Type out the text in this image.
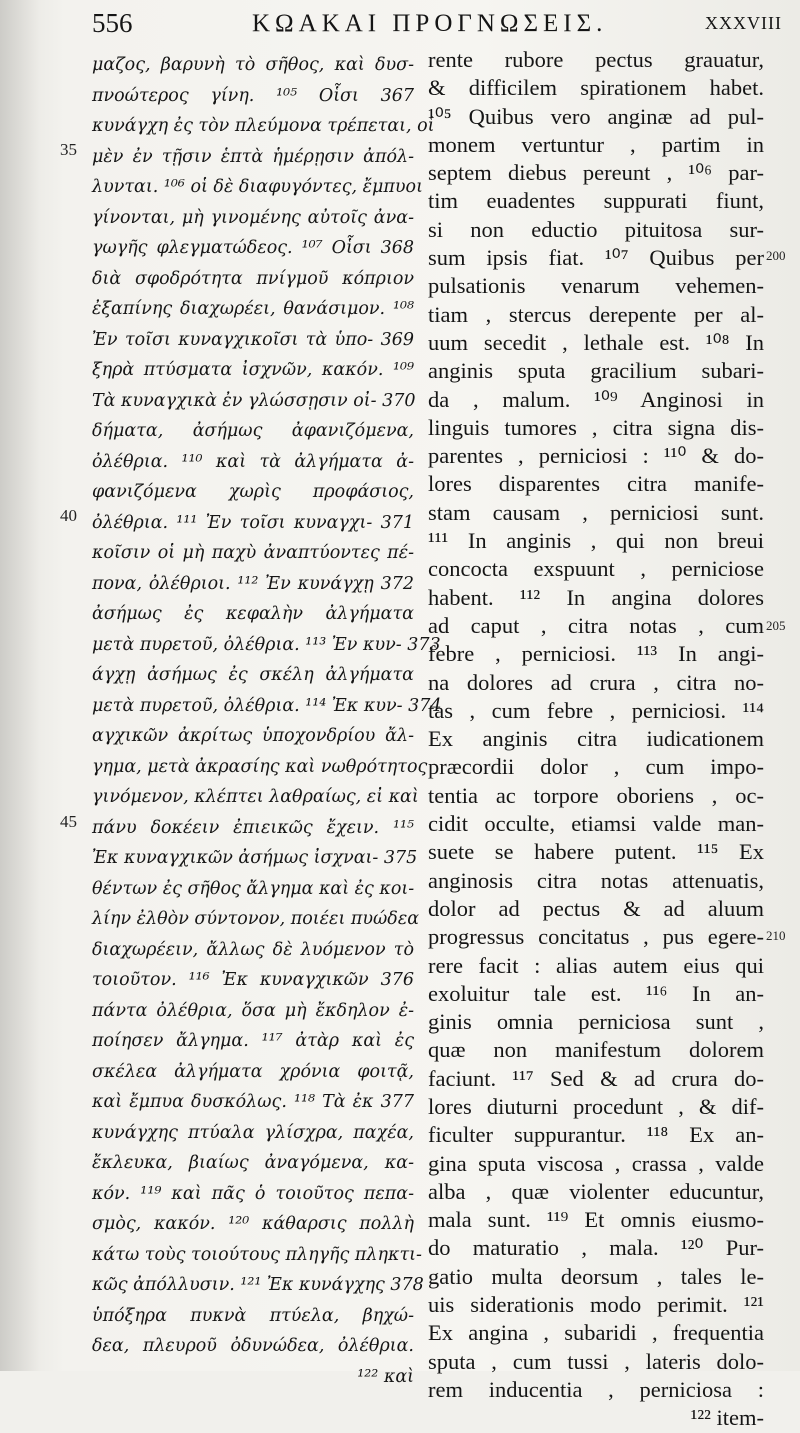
556	ΚΩΑΚΑΙ ΠΡΟΓΝΩΣΕΙΣ.	XXXVIII
35
40
45
200
205
210
μαζος, βαρυνὴ τὸ σῆθος, καὶ δυσ-
πνοώτερος γίνη. ¹⁰⁵ Οἷσι 367
κυνάγχη ἐς τὸν πλεύμονα τρέπεται, οἱ
μὲν ἐν τῇσιν ἑπτὰ ἡμέρῃσιν ἀπόλ-
λυνται. ¹⁰⁶ οἱ δὲ διαφυγόντες, ἔμπυοι
γίνονται, μὴ γινομένης αὐτοῖς ἀνα-
γωγῆς φλεγματώδεος. ¹⁰⁷ Οἷσι 368
διὰ σφοδρότητα πνίγμοῦ κόπριον
ἐξαπίνης διαχωρέει, θανάσιμον. ¹⁰⁸
Ἐν τοῖσι κυναγχικοῖσι τὰ ὑπο- 369
ξηρὰ πτύσματα ἰσχνῶν, κακόν. ¹⁰⁹
Τὰ κυναγχικὰ ἐν γλώσσῃσιν οἰ- 370
δήματα, ἀσήμως ἀφανιζόμενα,
ὀλέθρια. ¹¹⁰ καὶ τὰ ἀλγήματα ἀ-
φανιζόμενα χωρὶς προφάσιος,
ὀλέθρια. ¹¹¹ Ἐν τοῖσι κυναγχι- 371
κοῖσιν οἱ μὴ παχὺ ἀναπτύοντες πέ-
πονα, ὀλέθριοι. ¹¹² Ἐν κυνάγχῃ 372
ἀσήμως ἐς κεφαλὴν ἀλγήματα
μετὰ πυρετοῦ, ὀλέθρια. ¹¹³ Ἐν κυν- 373
άγχῃ ἀσήμως ἐς σκέλη ἀλγήματα
μετὰ πυρετοῦ, ὀλέθρια. ¹¹⁴ Ἐκ κυν- 374
αγχικῶν ἀκρίτως ὑποχονδρίου ἄλ-
γημα, μετὰ ἀκρασίης καὶ νωθρότητος
γινόμενον, κλέπτει λαθραίως, εἰ καὶ
πάνυ δοκέειν ἐπιεικῶς ἔχειν. ¹¹⁵
Ἐκ κυναγχικῶν ἀσήμως ἰσχναι- 375
θέντων ἐς σῆθος ἄλγημα καὶ ἐς κοι-
λίην ἐλθὸν σύντονον, ποιέει πυώδεα
διαχωρέειν, ἄλλως δὲ λυόμενον τὸ
τοιοῦτον. ¹¹⁶ Ἐκ κυναγχικῶν 376
πάντα ὀλέθρια, ὅσα μὴ ἔκδηλον ἐ-
ποίησεν ἄλγημα. ¹¹⁷ ἀτὰρ καὶ ἐς
σκέλεα ἀλγήματα χρόνια φοιτᾷ,
καὶ ἔμπυα δυσκόλως. ¹¹⁸ Τὰ ἐκ 377
κυνάγχης πτύαλα γλίσχρα, παχέα,
ἔκλευκα, βιαίως ἀναγόμενα, κα-
κόν. ¹¹⁹ καὶ πᾶς ὁ τοιοῦτος πεπα-
σμὸς, κακόν. ¹²⁰ κάθαρσις πολλὴ
κάτω τοὺς τοιούτους πληγῆς πληκτι-
κῶς ἀπόλλυσιν. ¹²¹ Ἐκ κυνάγχης 378
ὑπόξηρα πυκνὰ πτύελα, βηχώ-
δεα, πλευροῦ ὀδυνώδεα, ὀλέθρια.
¹²² καὶ
rente rubore pectus grauatur,
& difficilem spirationem habet.
¹⁰⁵ Quibus vero anginæ ad pul-
monem vertuntur , partim in
septem diebus pereunt , ¹⁰⁶ par-
tim euadentes suppurati fiunt,
si non eductio pituitosa sur-
sum ipsis fiat. ¹⁰⁷ Quibus per
pulsationis venarum vehemen-
tiam , stercus derepente per al-
uum secedit , lethale est. ¹⁰⁸ In
anginis sputa gracilium subari-
da , malum. ¹⁰⁹ Anginosi in
linguis tumores , citra signa dis-
parentes , perniciosi : ¹¹⁰ & do-
lores disparentes citra manife-
stam causam , perniciosi sunt.
¹¹¹ In anginis , qui non breui
concocta exspuunt , perniciose
habent. ¹¹² In angina dolores
ad caput , citra notas , cum
febre , perniciosi. ¹¹³ In angi-
na dolores ad crura , citra no-
tas , cum febre , perniciosi. ¹¹⁴
Ex anginis citra iudicationem
præcordii dolor , cum impo-
tentia ac torpore oboriens , oc-
cidit occulte, etiamsi valde man-
suete se habere putent. ¹¹⁵ Ex
anginosis citra notas attenuatis,
dolor ad pectus & ad aluum
progressus concitatus , pus egere-
rere facit : alias autem eius qui
exoluitur tale est. ¹¹⁶ In an-
ginis omnia perniciosa sunt ,
quæ non manifestum dolorem
faciunt. ¹¹⁷ Sed & ad crura do-
lores diuturni procedunt , & dif-
ficulter suppurantur. ¹¹⁸ Ex an-
gina sputa viscosa , crassa , valde
alba , quæ violenter educuntur,
mala sunt. ¹¹⁹ Et omnis eiusmo-
do maturatio , mala. ¹²⁰ Pur-
gatio multa deorsum , tales le-
uis siderationis modo perimit. ¹²¹
Ex angina , subaridi , frequentia
sputa , cum tussi , lateris dolo-
rem inducentia , perniciosa :
¹²² item-
